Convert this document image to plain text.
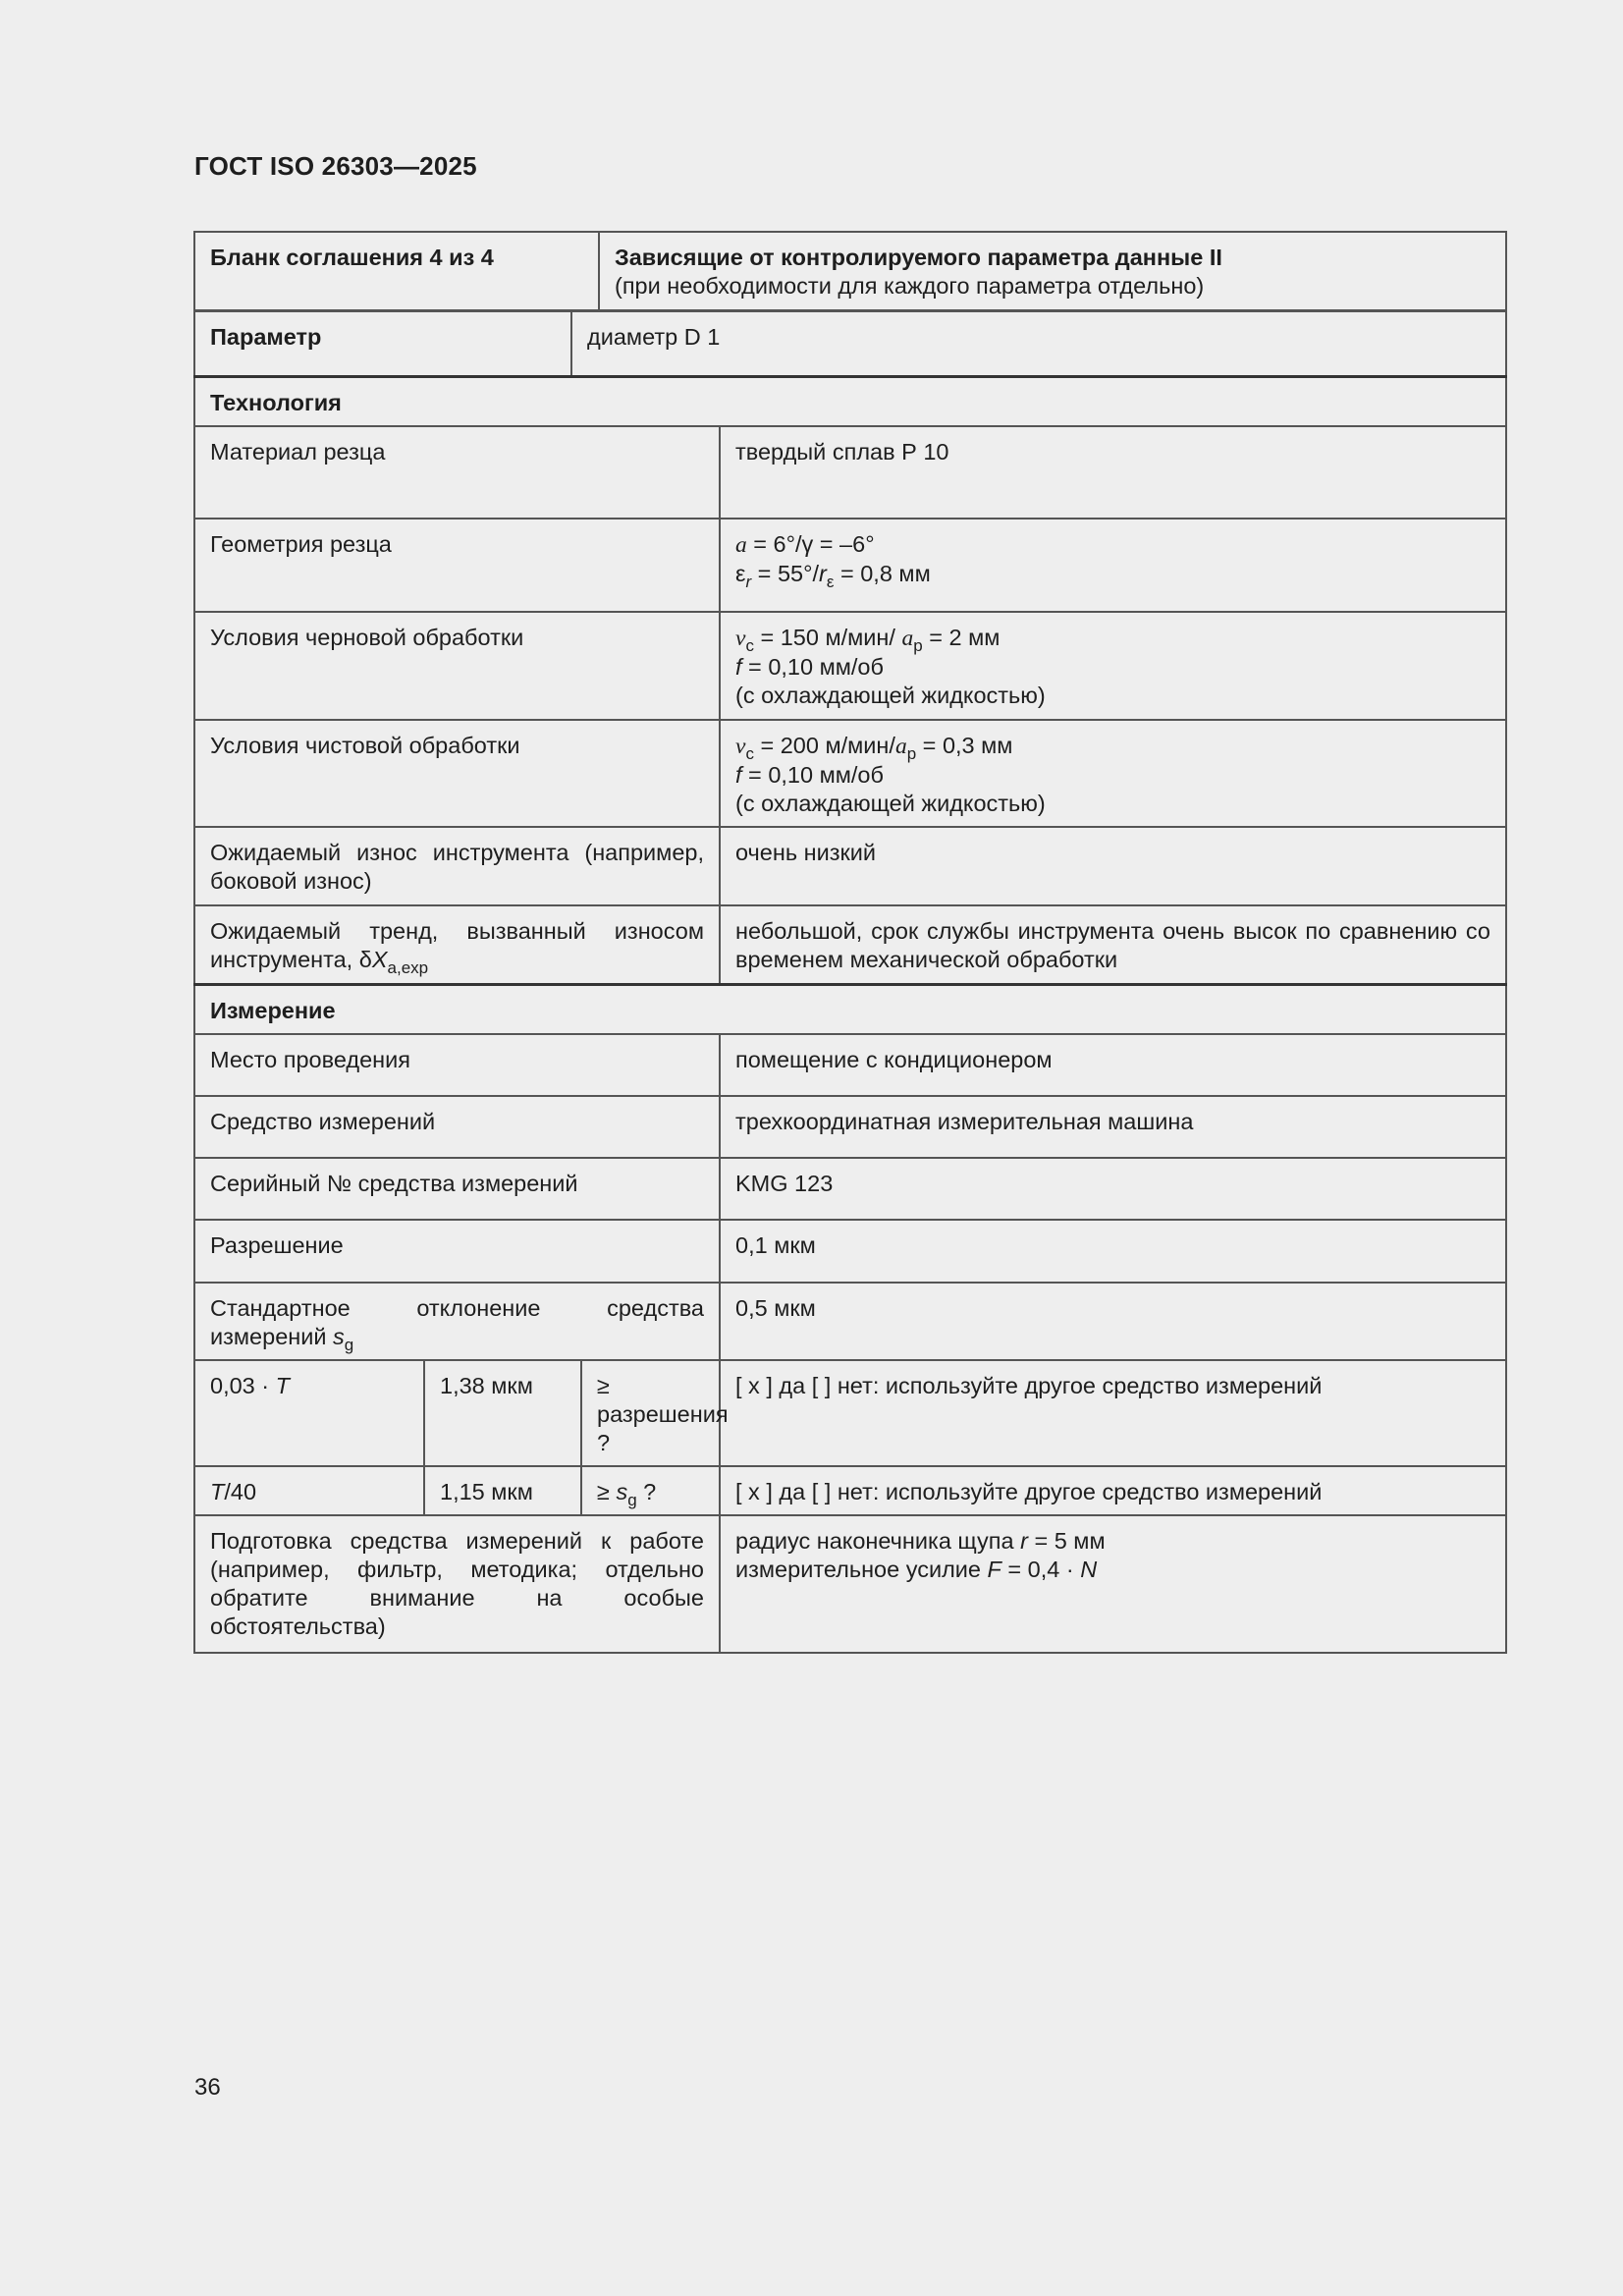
ГОСТ ISO 26303—2025
Бланк соглашения 4 из 4	Зависящие от контролируемого параметра данные II
(при необходимости для каждого параметра отдельно)
Параметр	диаметр D 1
Технология			
Материал резца			твердый сплав Р 10
Геометрия резца			a = 6°/γ = –6°
$\varepsilon_r = 55^\circ/r_\varepsilon = 0,8$ мм

Условия черновой обработки			$v_c = 150$ м/мин/ $a_p = 2$ мм
f = 0,10 мм/об
(с охлаждающей жидкостью)

Условия чистовой обработки			$v_c = 200$ $м/мин/a_p = 0,3$ мм
f = 0,10 мм/об
(с охлаждающей жидкостью)

Ожидаемый износ инструмента (например, боковой износ)			очень низкий
Ожидаемый тренд, вызванный износом инструмента, $\delta X_{a,exp}$			небольшой, срок службы инструмента очень высок по сравнению со временем механической обработки
Измерение			
Место проведения			помещение с кондиционером
Средство измерений			трехкоординатная измерительная машина
Серийный № средства измерений			KMG 123
Разрешение			0,1 мкм
Стандартное отклонение средства измерений $s_g$			0,5 мкм
0,03 · T	1,38 мкм	≥ разрешения ?	[ x ] да [ ] нет: используйте другое средство измерений
T/40	1,15 мкм	≥ $s_g$ ?	[ x ] да [ ] нет: используйте другое средство измерений
Подготовка средства измерений к работе (например, фильтр, методика; отдельно обратите внимание на особые обстоятельства)			радиус наконечника щупа r = 5 мм
измерительное усилие F = 0,4 · N
36
